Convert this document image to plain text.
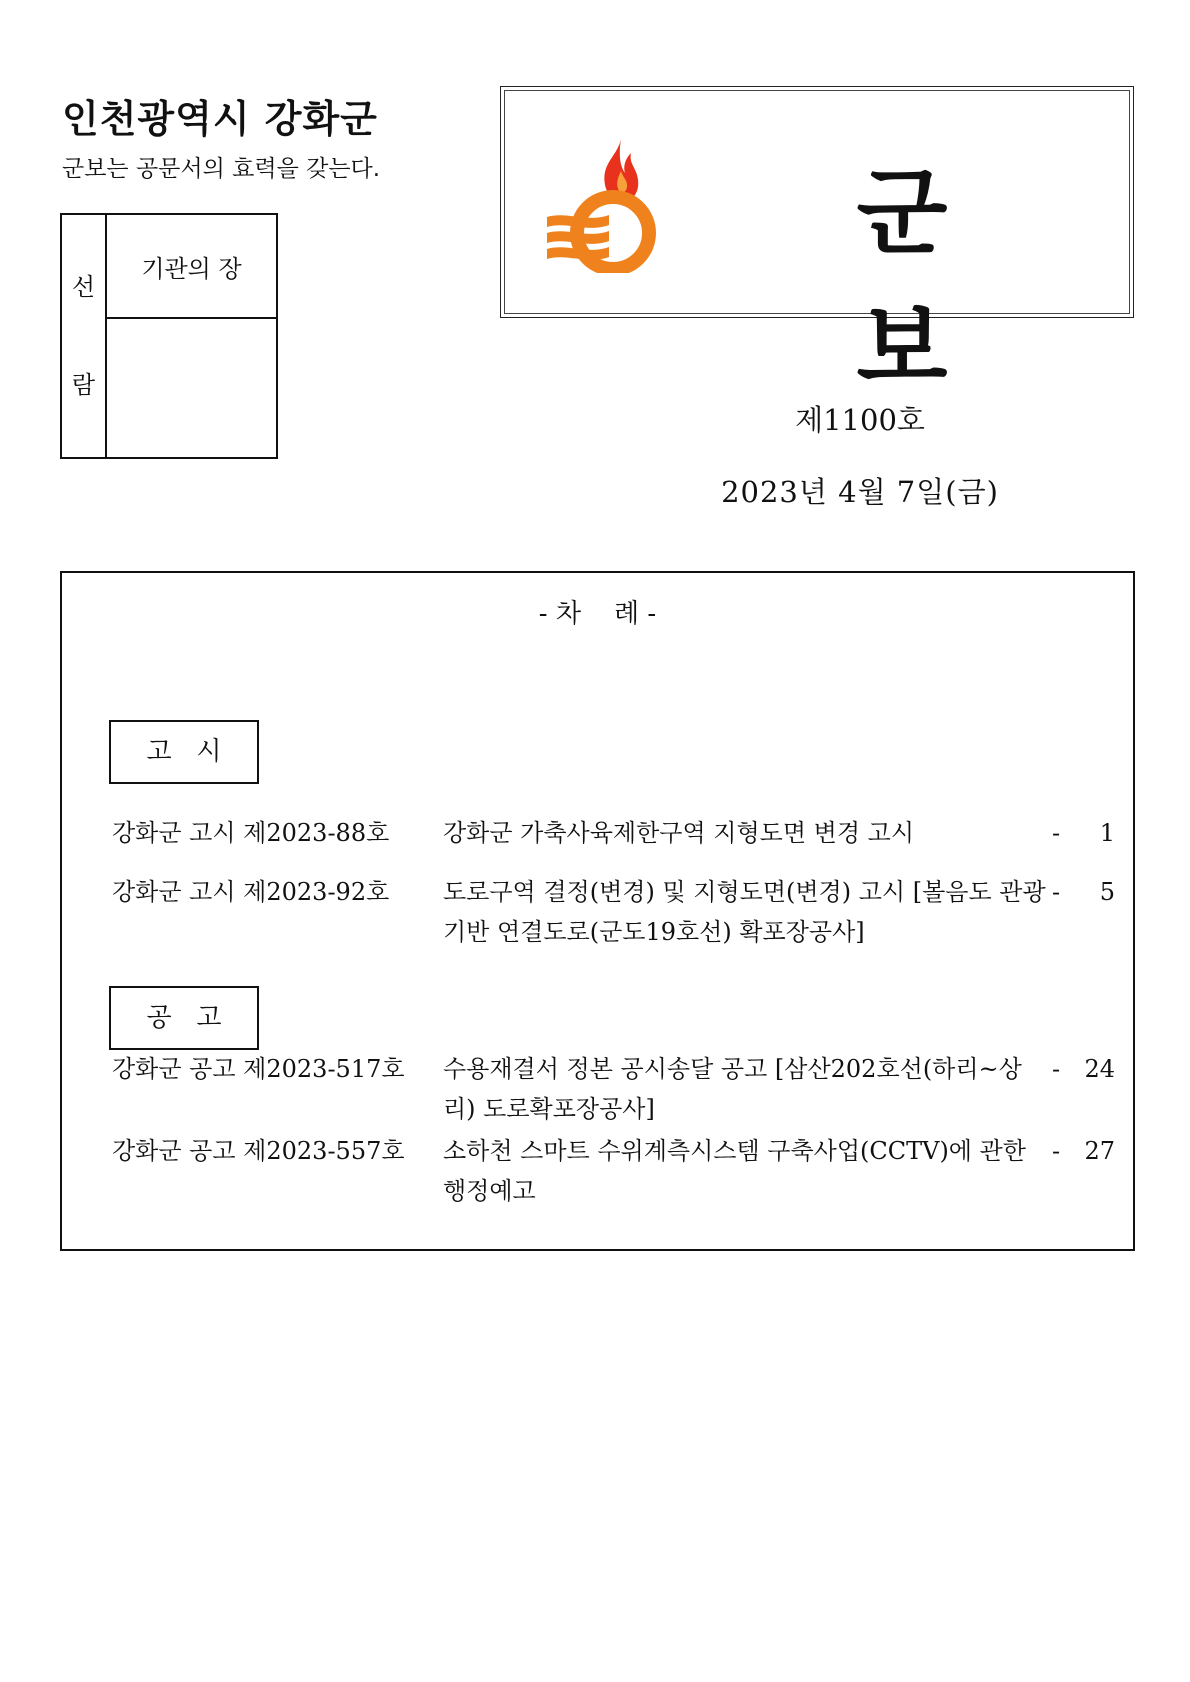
인천광역시 강화군
군보는 공문서의 효력을 갖는다.
선
람
기관의 장
군보
제1100호
2023년 4월 7일(금)
- 차    례 -
고   시
강화군 고시 제2023-88호 강화군 가축사육제한구역 지형도면 변경 고시	- 1
강화군 고시 제2023-92호 도로구역 결정(변경) 및 지형도면(변경) 고시 [볼음도 관광기반 연결도로(군도19호선) 확포장공사]
- 5
공   고
강화군 공고 제2023-517호 수용재결서 정본 공시송달 공고 [삼산202호선(하리~상리) 도로확포장공사]
- 24
강화군 공고 제2023-557호 소하천 스마트 수위계측시스템 구축사업(CCTV)에 관한 행정예고
- 27
